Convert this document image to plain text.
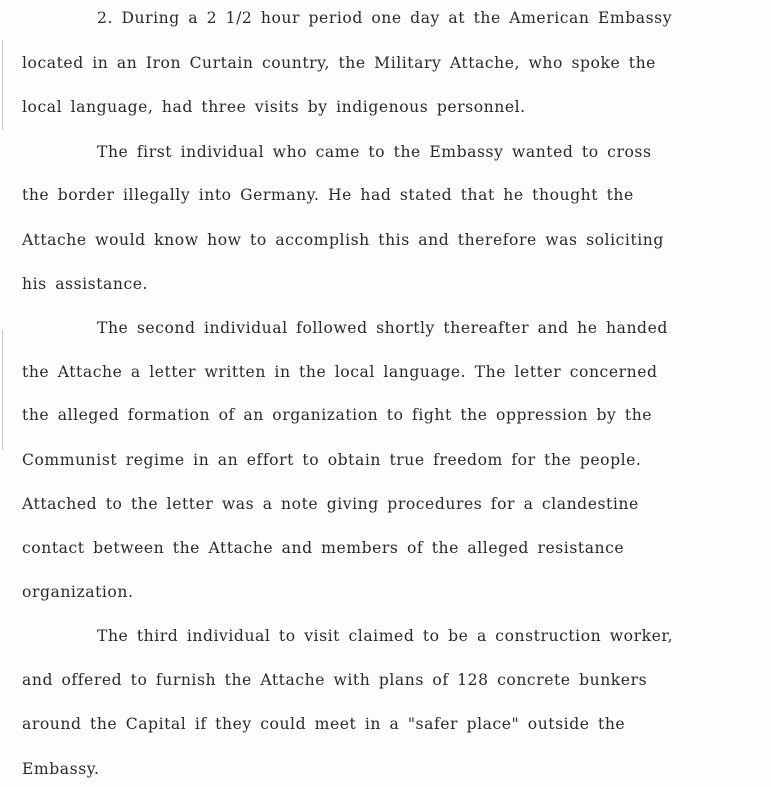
2. During a 2 1/2 hour period one day at the American Embassy
located in an Iron Curtain country, the Military Attache, who spoke the
local language, had three visits by indigenous personnel.
The first individual who came to the Embassy wanted to cross
the border illegally into Germany. He had stated that he thought the
Attache would know how to accomplish this and therefore was soliciting
his assistance.
The second individual followed shortly thereafter and he handed
the Attache a letter written in the local language. The letter concerned
the alleged formation of an organization to fight the oppression by the
Communist regime in an effort to obtain true freedom for the people.
Attached to the letter was a note giving procedures for a clandestine
contact between the Attache and members of the alleged resistance
organization.
The third individual to visit claimed to be a construction worker,
and offered to furnish the Attache with plans of 128 concrete bunkers
around the Capital if they could meet in a "safer place" outside the
Embassy.
